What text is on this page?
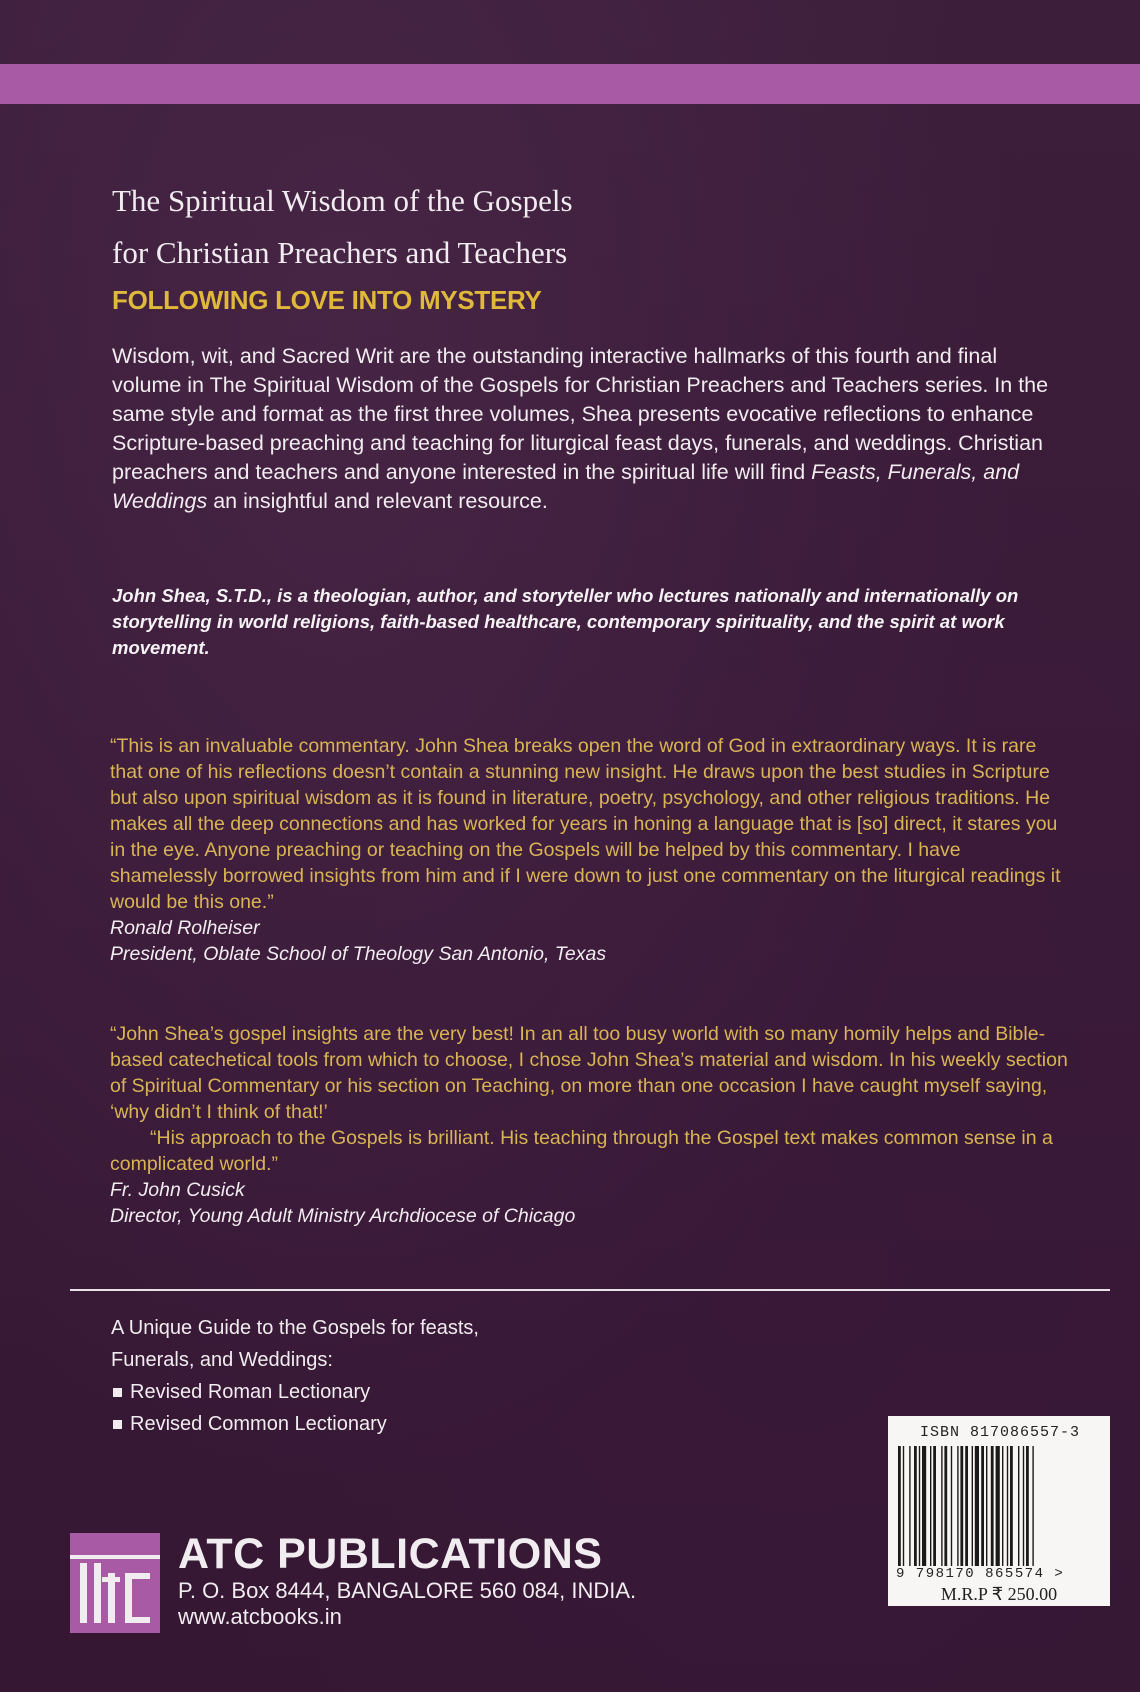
The Spiritual Wisdom of the Gospels

for Christian Preachers and Teachers

FOLLOWING LOVE INTO MYSTERY
Wisdom, wit, and Sacred Writ are the outstanding interactive hallmarks of this fourth and final volume in The Spiritual Wisdom of the Gospels for Christian Preachers and Teachers series. In the same style and format as the first three volumes, Shea presents evocative reflections to enhance Scripture-based preaching and teaching for liturgical feast days, funerals, and weddings. Christian preachers and teachers and anyone interested in the spiritual life will find Feasts, Funerals, and Weddings an insightful and relevant resource.
John Shea, S.T.D., is a theologian, author, and storyteller who lectures nationally and internationally on storytelling in world religions, faith-based healthcare, contemporary spirituality, and the spirit at work movement.

“This is an invaluable commentary. John Shea breaks open the word of God in extraordinary ways. It is rare that one of his reflections doesn’t contain a stunning new insight. He draws upon the best studies in Scripture but also upon spiritual wisdom as it is found in literature, poetry, psychology, and other religious traditions. He makes all the deep connections and has worked for years in honing a language that is [so] direct, it stares you in the eye. Anyone preaching or teaching on the Gospels will be helped by this commentary. I have shamelessly borrowed insights from him and if I were down to just one commentary on the liturgical readings it would be this one.”

Ronald Rolheiser

President, Oblate School of Theology San Antonio, Texas

“John Shea’s gospel insights are the very best! In an all too busy world with so many homily helps and Bible-based catechetical tools from which to choose, I chose John Shea’s material and wisdom. In his weekly section of Spiritual Commentary or his section on Teaching, on more than one occasion I have caught myself saying, ‘why didn’t I think of that!’

“His approach to the Gospels is brilliant. His teaching through the Gospel text makes common sense in a complicated world.”

Fr. John Cusick

Director, Young Adult Ministry Archdiocese of Chicago

A Unique Guide to the Gospels for feasts,
Funerals, and Weddings:
Revised Roman Lectionary
Revised Common Lectionary	ISBN 817086557-3
9 798170 865574 >
M.R.P ₹ 250.00
ATC PUBLICATIONS
P. O. Box 8444, BANGALORE 560 084, INDIA.
www.atcbooks.in
